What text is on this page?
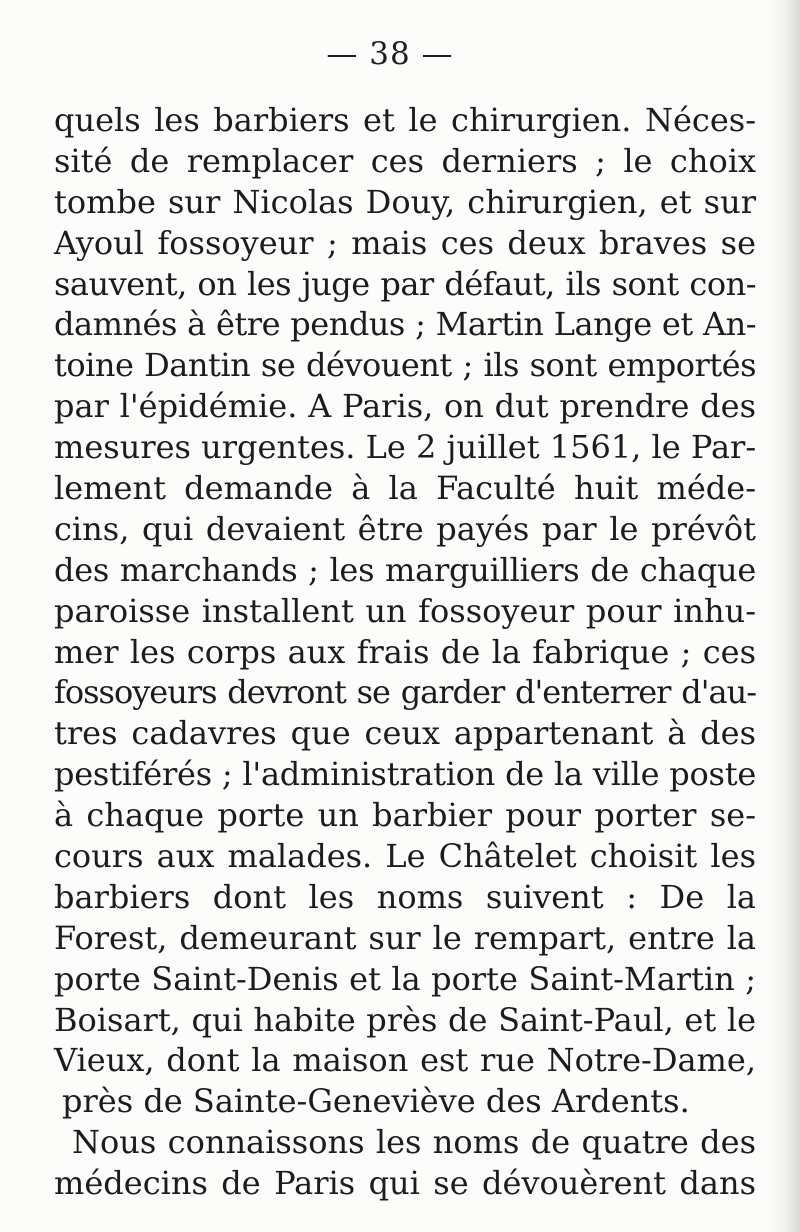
— 38 —
quels les barbiers et le chirurgien. Néces-
sité de remplacer ces derniers ; le choix
tombe sur Nicolas Douy, chirurgien, et sur
Ayoul fossoyeur ; mais ces deux braves se
sauvent, on les juge par défaut, ils sont con-
damnés à être pendus ; Martin Lange et An-
toine Dantin se dévouent ; ils sont emportés
par l'épidémie. A Paris, on dut prendre des
mesures urgentes. Le 2 juillet 1561, le Par-
lement demande à la Faculté huit méde-
cins, qui devaient être payés par le prévôt
des marchands ; les marguilliers de chaque
paroisse installent un fossoyeur pour inhu-
mer les corps aux frais de la fabrique ; ces
fossoyeurs devront se garder d'enterrer d'au-
tres cadavres que ceux appartenant à des
pestiférés ; l'administration de la ville poste
à chaque porte un barbier pour porter se-
cours aux malades. Le Châtelet choisit les
barbiers dont les noms suivent : De la
Forest, demeurant sur le rempart, entre la
porte Saint-Denis et la porte Saint-Martin ;
Boisart, qui habite près de Saint-Paul, et le
Vieux, dont la maison est rue Notre-Dame,
près de Sainte-Geneviève des Ardents.
Nous connaissons les noms de quatre des
médecins de Paris qui se dévouèrent dans
